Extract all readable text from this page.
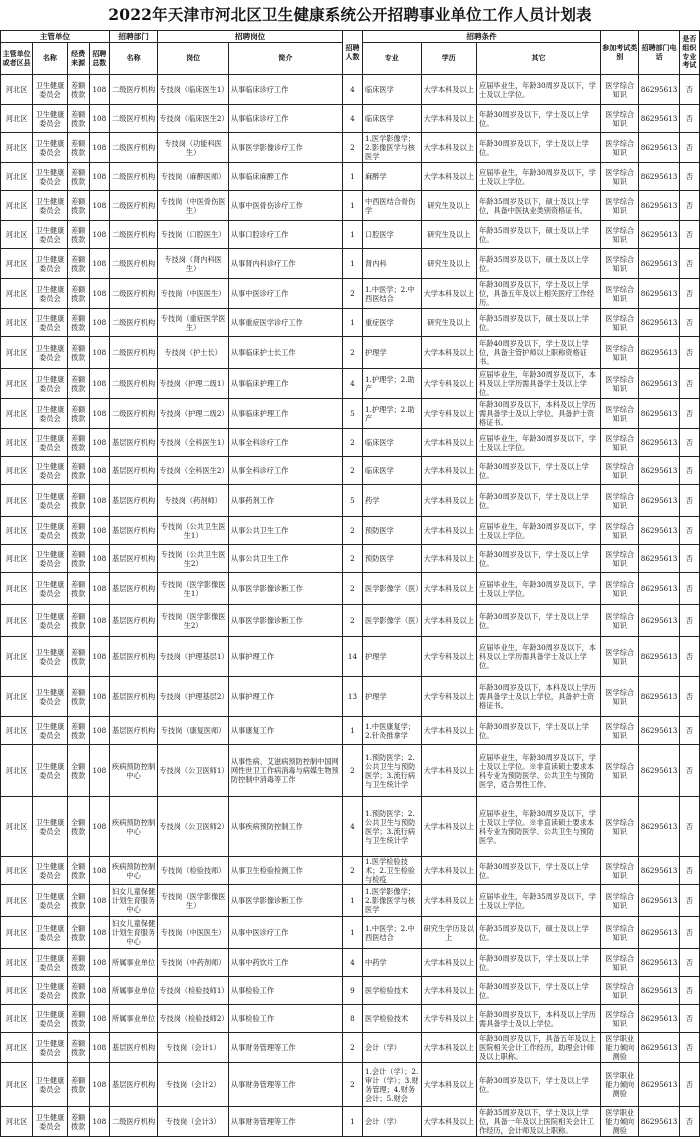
2022年天津市河北区卫生健康系统公开招聘事业单位工作人员计划表
主管单位				招聘部门	招聘岗位		招聘人数	招聘条件			参加考试类别	招聘部门电话	是否组织专业考试
主管单位或者区县	名称	经费来源	招聘总数	名称	岗位	简介		专业	学历	其它			
河北区	卫生健康委员会	差额拨款	108	二级医疗机构	专技岗（临床医生1）	从事临床诊疗工作	4	临床医学	大学本科及以上	应届毕业生，年龄30周岁及以下，学士及以上学位。	医学综合知识	86295613	否
河北区	卫生健康委员会	差额拨款	108	二级医疗机构	专技岗（临床医生2）	从事临床诊疗工作	4	临床医学	大学本科及以上	年龄30周岁及以下，学士及以上学位。	医学综合知识	86295613	否
河北区	卫生健康委员会	差额拨款	108	二级医疗机构	专技岗（功能科医生）	从事医学影像诊疗工作	2	1.医学影像学；2.影像医学与核医学	大学本科及以上	年龄30周岁及以下，学士及以上学位。	医学综合知识	86295613	否
河北区	卫生健康委员会	差额拨款	108	二级医疗机构	专技岗（麻醉医师）	从事临床麻醉工作	1	麻醉学	大学本科及以上	应届毕业生，年龄30周岁及以下，学士及以上学位。	医学综合知识	86295613	否
河北区	卫生健康委员会	差额拨款	108	二级医疗机构	专技岗（中医骨伤医生）	从事中医骨伤诊疗工作	1	中西医结合骨伤学	研究生及以上	年龄35周岁及以下，硕士及以上学位，具备中医执业类别资格证书。	医学综合知识	86295613	否
河北区	卫生健康委员会	差额拨款	108	二级医疗机构	专技岗（口腔医生）	从事口腔诊疗工作	1	口腔医学	研究生及以上	年龄35周岁及以下，硕士及以上学位。	医学综合知识	86295613	否
河北区	卫生健康委员会	差额拨款	108	二级医疗机构	专技岗（肾内科医生）	从事肾内科诊疗工作	1	肾内科	研究生及以上	年龄35周岁及以下，硕士及以上学位。	医学综合知识	86295613	否
河北区	卫生健康委员会	差额拨款	108	二级医疗机构	专技岗（中医医生）	从事中医诊疗工作	2	1.中医学；2.中西医结合	大学本科及以上	年龄30周岁及以下，学士及以上学位，具备五年及以上相关医疗工作经历。	医学综合知识	86295613	否
河北区	卫生健康委员会	差额拨款	108	二级医疗机构	专技岗（重症医学医生）	从事重症医学诊疗工作	1	重症医学	研究生及以上	年龄35周岁及以下，硕士及以上学位。	医学综合知识	86295613	否
河北区	卫生健康委员会	差额拨款	108	二级医疗机构	专技岗（护士长）	从事临床护士长工作	2	护理学	大学本科及以上	年龄40周岁及以下，学士及以上学位，具备主管护师以上职称资格证书。	医学综合知识	86295613	否
河北区	卫生健康委员会	差额拨款	108	二级医疗机构	专技岗（护理二级1）	从事临床护理工作	4	1.护理学；2.助产	大学专科及以上	应届毕业生，年龄30周岁及以下，本科及以上学历需具备学士及以上学位。	医学综合知识	86295613	否
河北区	卫生健康委员会	差额拨款	108	二级医疗机构	专技岗（护理二级2）	从事临床护理工作	5	1.护理学；2.助产	大学专科及以上	年龄30周岁及以下，本科及以上学历需具备学士及以上学位，具备护士资格证书。	医学综合知识	86295613	否
河北区	卫生健康委员会	差额拨款	108	基层医疗机构	专技岗（全科医生1）	从事全科诊疗工作	2	临床医学	大学本科及以上	应届毕业生，年龄30周岁及以下，学士及以上学位。	医学综合知识	86295613	否
河北区	卫生健康委员会	差额拨款	108	基层医疗机构	专技岗（全科医生2）	从事全科诊疗工作	2	临床医学	大学本科及以上	年龄30周岁及以下，学士及以上学位。	医学综合知识	86295613	否
河北区	卫生健康委员会	差额拨款	108	基层医疗机构	专技岗（药剂师）	从事药剂工作	5	药学	大学本科及以上	年龄30周岁及以下，学士及以上学位。	医学综合知识	86295613	否
河北区	卫生健康委员会	差额拨款	108	基层医疗机构	专技岗（公共卫生医生1）	从事公共卫生工作	2	预防医学	大学本科及以上	应届毕业生，年龄30周岁及以下，学士及以上学位。	医学综合知识	86295613	否
河北区	卫生健康委员会	差额拨款	108	基层医疗机构	专技岗（公共卫生医生2）	从事公共卫生工作	2	预防医学	大学本科及以上	年龄30周岁及以下，学士及以上学位。	医学综合知识	86295613	否
河北区	卫生健康委员会	差额拨款	108	基层医疗机构	专技岗（医学影像医生1）	从事医学影像诊断工作	2	医学影像学（医）	大学本科及以上	应届毕业生，年龄30周岁及以下，学士及以上学位。	医学综合知识	86295613	否
河北区	卫生健康委员会	差额拨款	108	基层医疗机构	专技岗（医学影像医生2）	从事医学影像诊断工作	2	医学影像学（医）	大学本科及以上	年龄30周岁及以下，学士及以上学位。	医学综合知识	86295613	否
河北区	卫生健康委员会	差额拨款	108	基层医疗机构	专技岗（护理基层1）	从事护理工作	14	护理学	大学专科及以上	应届毕业生，年龄30周岁及以下，本科及以上学历需具备学士及以上学位。	医学综合知识	86295613	否
河北区	卫生健康委员会	差额拨款	108	基层医疗机构	专技岗（护理基层2）	从事护理工作	13	护理学	大学专科及以上	年龄30周岁及以下，本科及以上学历需具备学士及以上学位，具备护士资格证书。	医学综合知识	86295613	否
河北区	卫生健康委员会	差额拨款	108	基层医疗机构	专技岗（康复医师）	从事康复工作	1	1.中医康复学；2.针灸推拿学	大学本科及以上	年龄30周岁及以下，学士及以上学位。	医学综合知识	86295613	否
河北区	卫生健康委员会	全额拨款	108	疾病预防控制中心	专技岗（公卫医师1）	从事性病、艾滋病预防控制中国网网性世卫工作病消毒与病媒生物预防控制中消毒等工作	2	1.预防医学；2.公共卫生与预防医学；3.流行病与卫生统计学	大学本科及以上	应届毕业生，年龄30周岁及以下，学士及以上学位。※非直读硕士要求本科专业为预防医学、公共卫生与预防医学，适合男性工作。	医学综合知识	86295613	否
河北区	卫生健康委员会	全额拨款	108	疾病预防控制中心	专技岗（公卫医师2）	从事疾病预防控制工作	4	1.预防医学；2.公共卫生与预防医学；3.流行病与卫生统计学	大学本科及以上	应届毕业生，年龄30周岁及以下，学士及以上学位。※非直读硕士要求本科专业为预防医学、公共卫生与预防医学。	医学综合知识	86295613	否
河北区	卫生健康委员会	全额拨款	108	疾病预防控制中心	专技岗（检验技师）	从事卫生检验检测工作	2	1.医学检验技术；2.卫生检验与检疫	大学本科及以上	年龄30周岁及以下，学士及以上学位。	医学综合知识	86295613	否
河北区	卫生健康委员会	全额拨款	108	妇女儿童保健计划生育服务中心	专技岗（医学影像医生）	从事医学影像诊断工作	1	1.医学影像学；2.影像医学与核医学	大学本科及以上	应届毕业生，年龄35周岁及以下，学士及以上学位。	医学综合知识	86295613	否
河北区	卫生健康委员会	全额拨款	108	妇女儿童保健计划生育服务中心	专技岗（中医医生）	从事中医诊疗工作	1	1.中医学；2.中西医结合	研究生学历及以上	年龄35周岁及以下，硕士及以上学位。	医学综合知识	86295613	否
河北区	卫生健康委员会	差额拨款	108	所属事业单位	专技岗（中药剂师）	从事中药饮片工作	4	中药学	大学本科及以上	年龄30周岁及以下，学士及以上学位。	医学综合知识	86295613	否
河北区	卫生健康委员会	差额拨款	108	所属事业单位	专技岗（检验技师1）	从事检验工作	9	医学检验技术	大学本科及以上	年龄30周岁及以下，学士及以上学位。	医学综合知识	86295613	否
河北区	卫生健康委员会	差额拨款	108	所属事业单位	专技岗（检验技师2）	从事检验工作	8	医学检验技术	大学专科及以上	年龄30周岁及以下，本科及以上学历需具备学士及以上学位。	医学综合知识	86295613	否
河北区	卫生健康委员会	差额拨款	108	基层医疗机构	专技岗（会计1）	从事财务管理等工作	2	会计（学）	大学本科及以上	年龄30周岁及以下，具备五年及以上医院相关会计工作经历，助理会计师及以上职称。	医学职业能力倾向测验	86295613	否
河北区	卫生健康委员会	差额拨款	108	基层医疗机构	专技岗（会计2）	从事财务管理等工作	2	1.会计（学）；2.审计（学）；3.财务管理；4.财务会计；5.财会	大学本科及以上	年龄30周岁及以下，学士及以上学位。	医学职业能力倾向测验	86295613	否
河北区	卫生健康委员会	差额拨款	108	二级医疗机构	专技岗（会计3）	从事财务管理等工作	1	会计（学）	大学本科及以上	年龄35周岁及以下，学士及以上学位，具备一年及以上医院相关会计工作经历，会计师及以上职称。	医学职业能力倾向测验	86295613	否
